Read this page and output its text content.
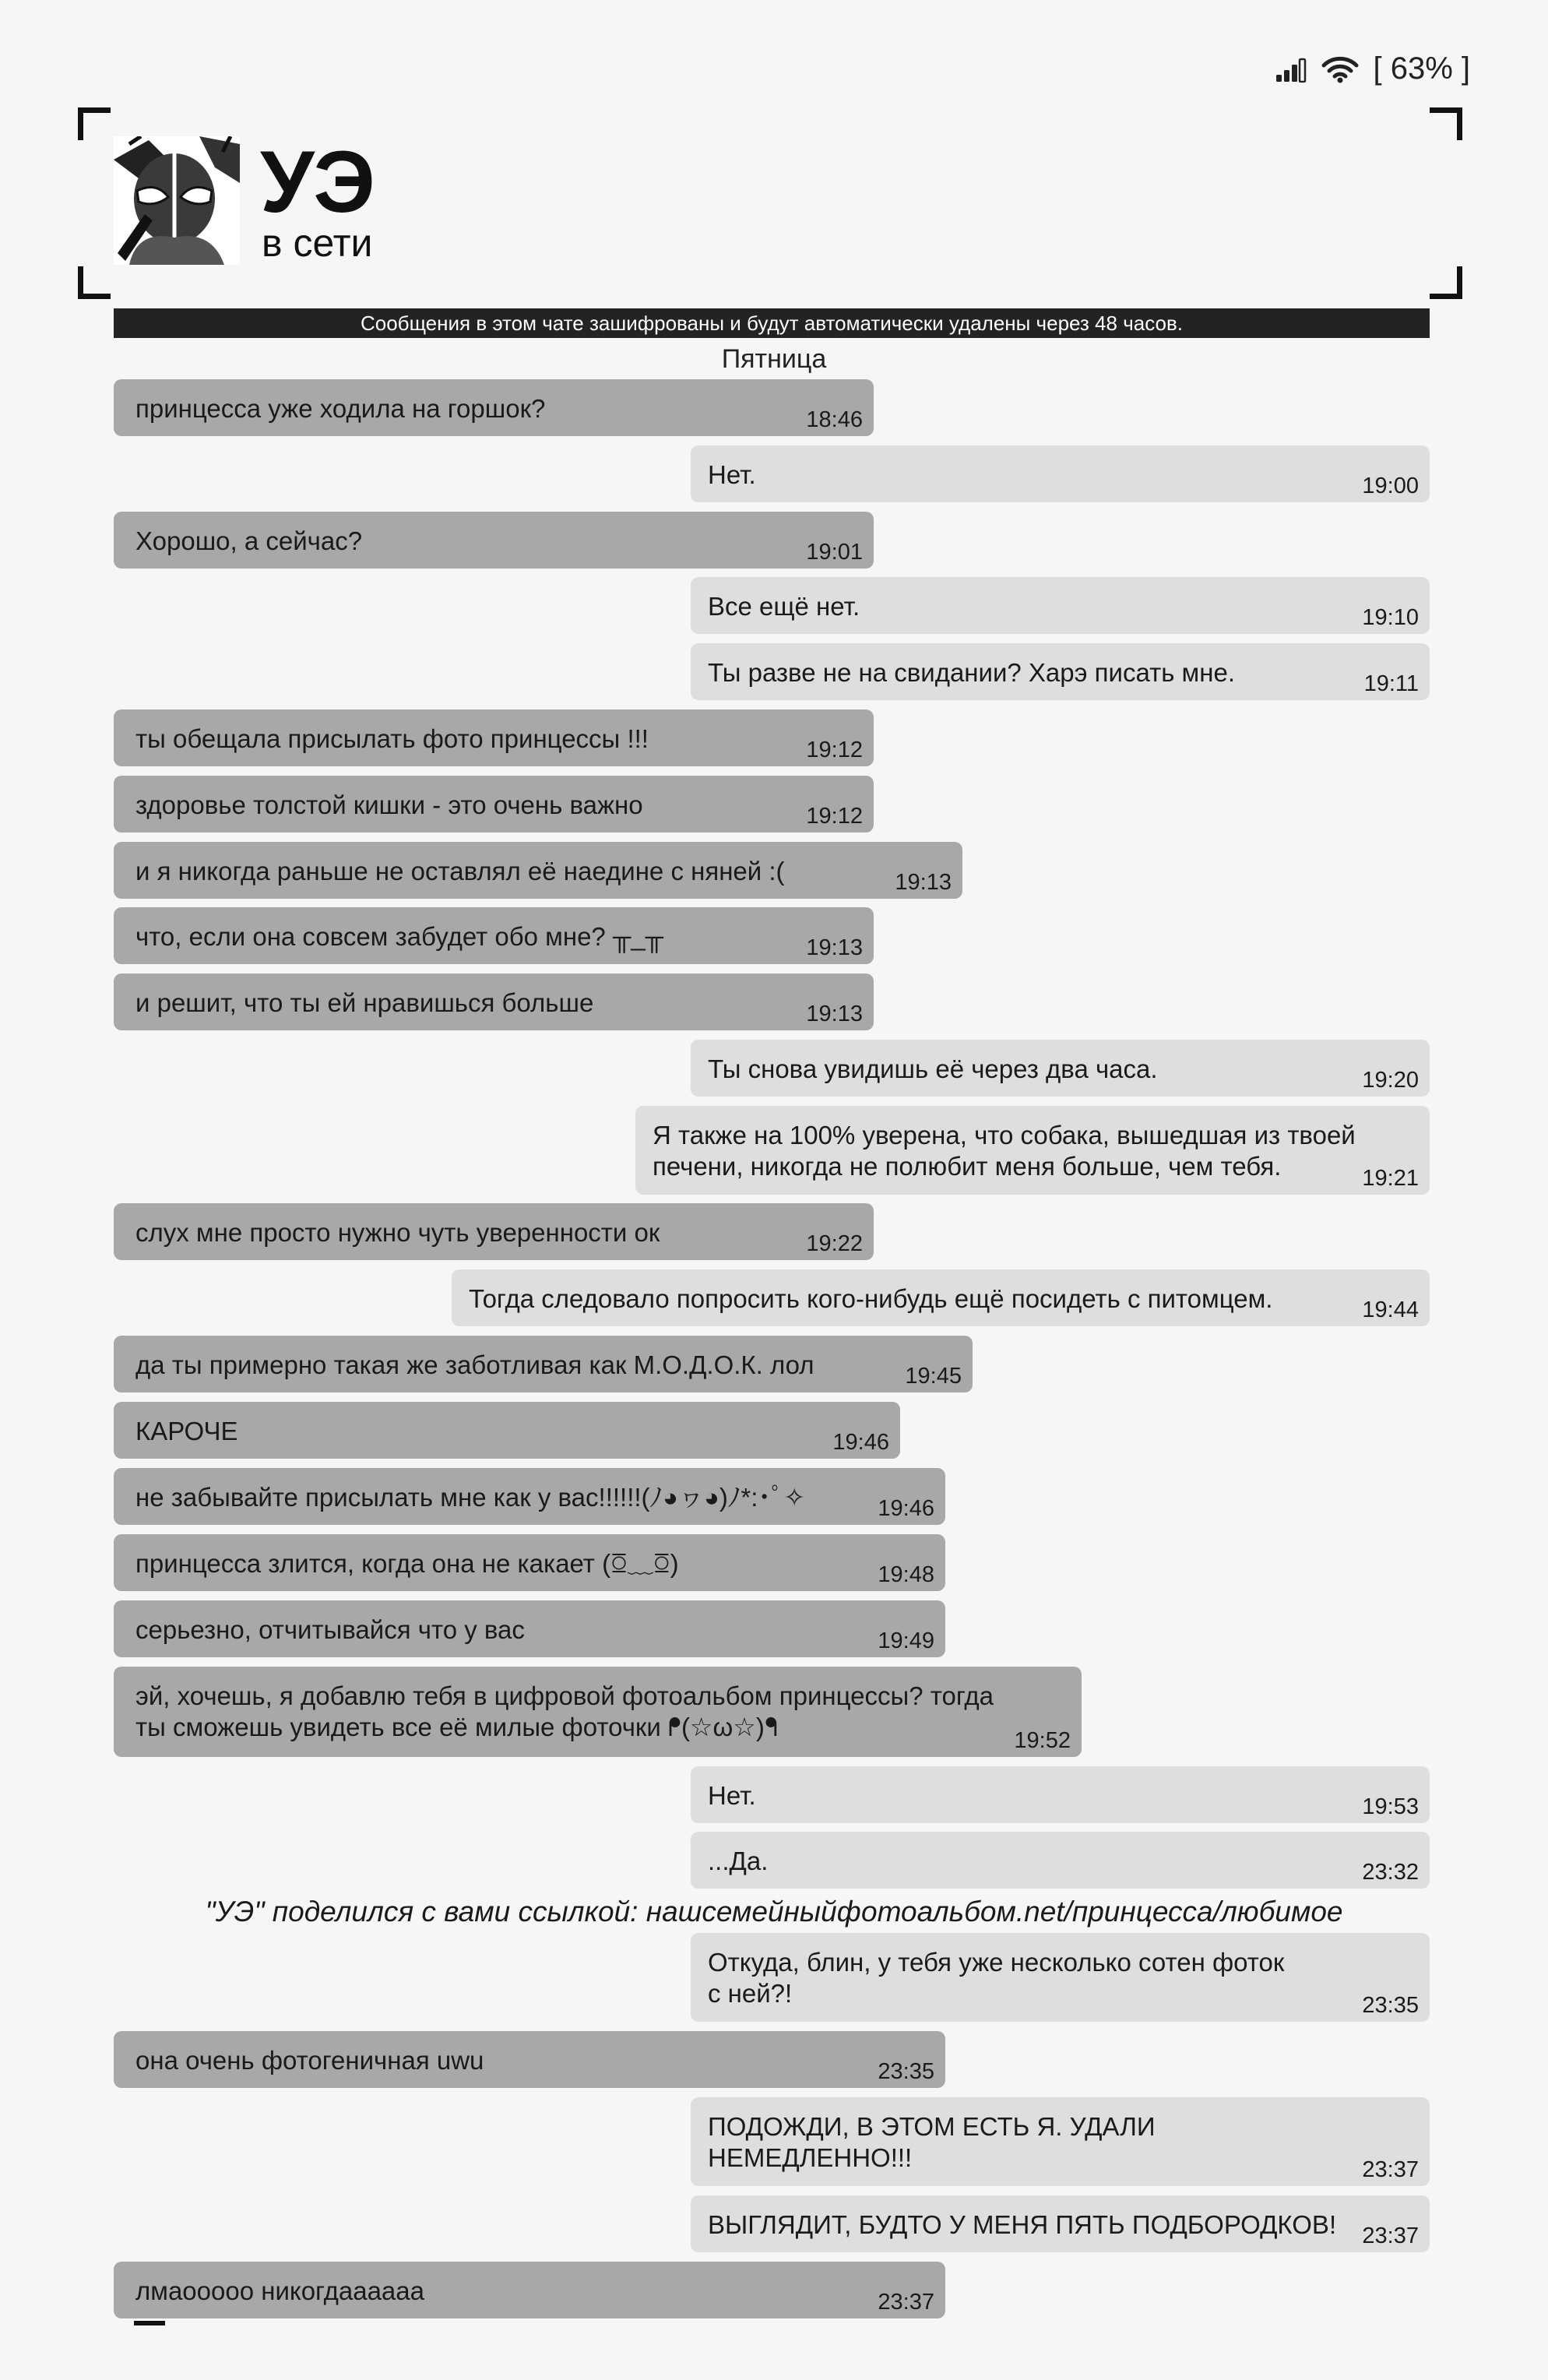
[ 63% ]
УЭ
в сети
Сообщения в этом чате зашифрованы и будут автоматически удалены через 48 часов.
Пятница
принцесса уже ходила на горшок?	18:46
Нет.	19:00
Хорошо, а сейчас?	19:01
Все ещё нет.	19:10
Ты разве не на свидании? Харэ писать мне.	19:11
ты обещала присылать фото принцессы !!!	19:12
здоровье толстой кишки - это очень важно	19:12
и я никогда раньше не оставлял её наедине с няней :(	19:13
что, если она совсем забудет обо мне? ╥_╥	19:13
и решит, что ты ей нравишься больше	19:13
Ты снова увидишь её через два часа.	19:20
Я также на 100% уверена, что собака, вышедшая из твоей
печени, никогда не полюбит меня больше, чем тебя.	19:21
слух мне просто нужно чуть уверенности ок	19:22
Тогда следовало попросить кого-нибудь ещё посидеть с питомцем.	19:44
да ты примерно такая же заботливая как М.О.Д.О.К. лол	19:45
КАРОЧЕ	19:46
не забывайте присылать мне как у вас!!!!!!(ﾉ◕ヮ◕)ﾉ*:･ﾟ✧	19:46
принцесса злится, когда она не какает (ꗞ﹏ꗞ)	19:48
серьезно, отчитывайся что у вас	19:49
эй, хочешь, я добавлю тебя в цифровой фотоальбом принцессы? тогда
ты сможешь увидеть все её милые фоточки ᖰ(☆ω☆)ᖳ	19:52
Нет.	19:53
...Да.	23:32
"УЭ" поделился с вами ссылкой: нашсемейныйфотоальбом.net/принцесса/любимое
Откуда, блин, у тебя уже несколько сотен фоток
с ней?!	23:35
она очень фотогеничная uwu	23:35
ПОДОЖДИ, В ЭТОМ ЕСТЬ Я. УДАЛИ
НЕМЕДЛЕННО!!!	23:37
ВЫГЛЯДИТ, БУДТО У МЕНЯ ПЯТЬ ПОДБОРОДКОВ! 23:37
лмаоoooo никогдаааааа	23:37
